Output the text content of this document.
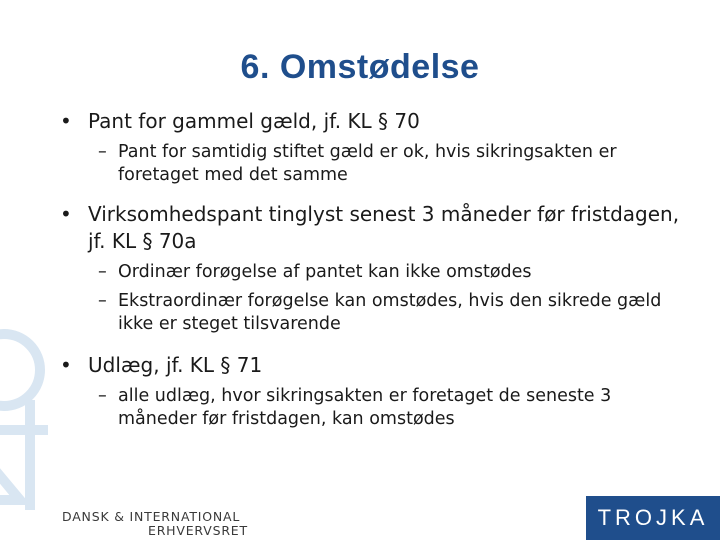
6. Omstødelse
• Pant for gammel gæld, jf. KL § 70
– Pant for samtidig stiftet gæld er ok, hvis sikringsakten er foretaget med det samme
• Virksomhedspant tinglyst senest 3 måneder før fristdagen, jf. KL § 70a
– Ordinær forøgelse af pantet kan ikke omstødes
– Ekstraordinær forøgelse kan omstødes, hvis den sikrede gæld ikke er steget tilsvarende
• Udlæg, jf. KL § 71
– alle udlæg, hvor sikringsakten er foretaget de seneste 3 måneder før fristdagen, kan omstødes
DANSK & INTERNATIONAL
ERHVERVSRET
TROJKA
